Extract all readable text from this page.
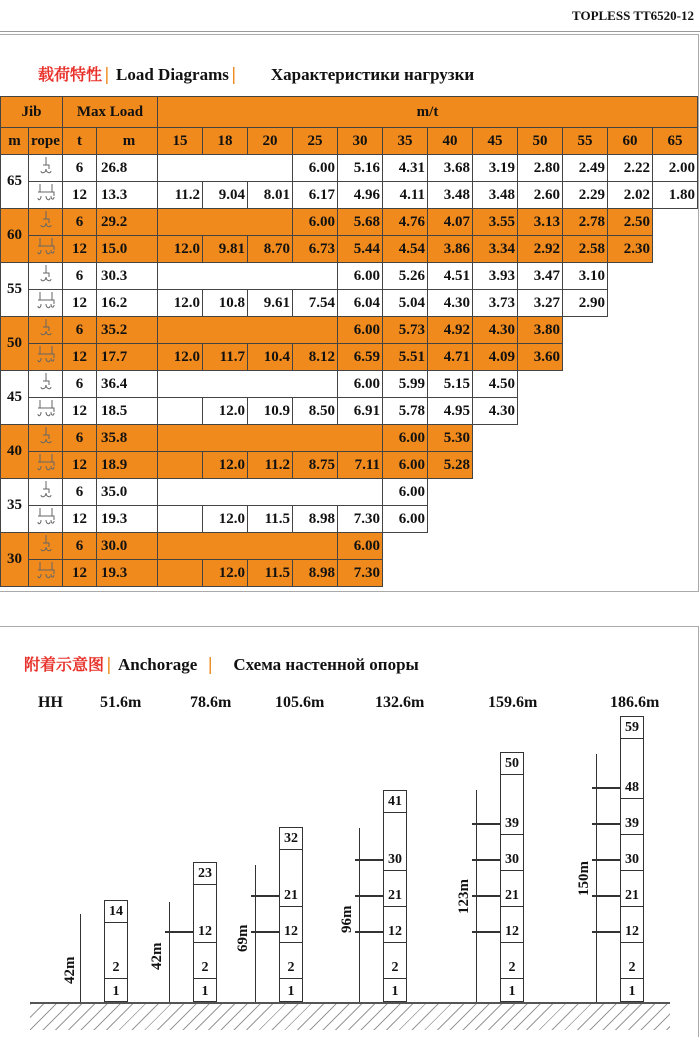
TOPLESS TT6520-12
载荷特性 | Load Diagrams | Характеристики нагрузки
Jib		Max Load		m/t											
m	rope	t	m	15	18	20	25	30	35	40	45	50	55	60	65
65		6	26.8				6.00	5.16	4.31	3.68	3.19	2.80	2.49	2.22	2.00
	12	13.3	11.2	9.04	8.01	6.17	4.96	4.11	3.48	3.48	2.60	2.29	2.02	1.80
60		6	29.2				6.00	5.68	4.76	4.07	3.55	3.13	2.78	2.50	
	12	15.0	12.0	9.81	8.70	6.73	5.44	4.54	3.86	3.34	2.92	2.58	2.30	
55		6	30.3					6.00	5.26	4.51	3.93	3.47	3.10		
	12	16.2	12.0	10.8	9.61	7.54	6.04	5.04	4.30	3.73	3.27	2.90		
50		6	35.2					6.00	5.73	4.92	4.30	3.80			
	12	17.7	12.0	11.7	10.4	8.12	6.59	5.51	4.71	4.09	3.60			
45		6	36.4					6.00	5.99	5.15	4.50				
	12	18.5		12.0	10.9	8.50	6.91	5.78	4.95	4.30				
40		6	35.8						6.00	5.30					
	12	18.9		12.0	11.2	8.75	7.11	6.00	5.28					
35		6	35.0						6.00						
	12	19.3		12.0	11.5	8.98	7.30	6.00						
30		6	30.0					6.00							
	12	19.3		12.0	11.5	8.98	7.30							
附着示意图 | Anchorage | Схема настенной опоры
HH 51.6m	78.6m	105.6m	132.6m	159.6m	186.6m
1
2
14
42m
1
2
12
23
42m
1
2
12
21
32
69m
1
2
12
21
30
41
96m
1
2
12
21
30
39
50
123m
1
2
12
21
30
39
48
59
150m
